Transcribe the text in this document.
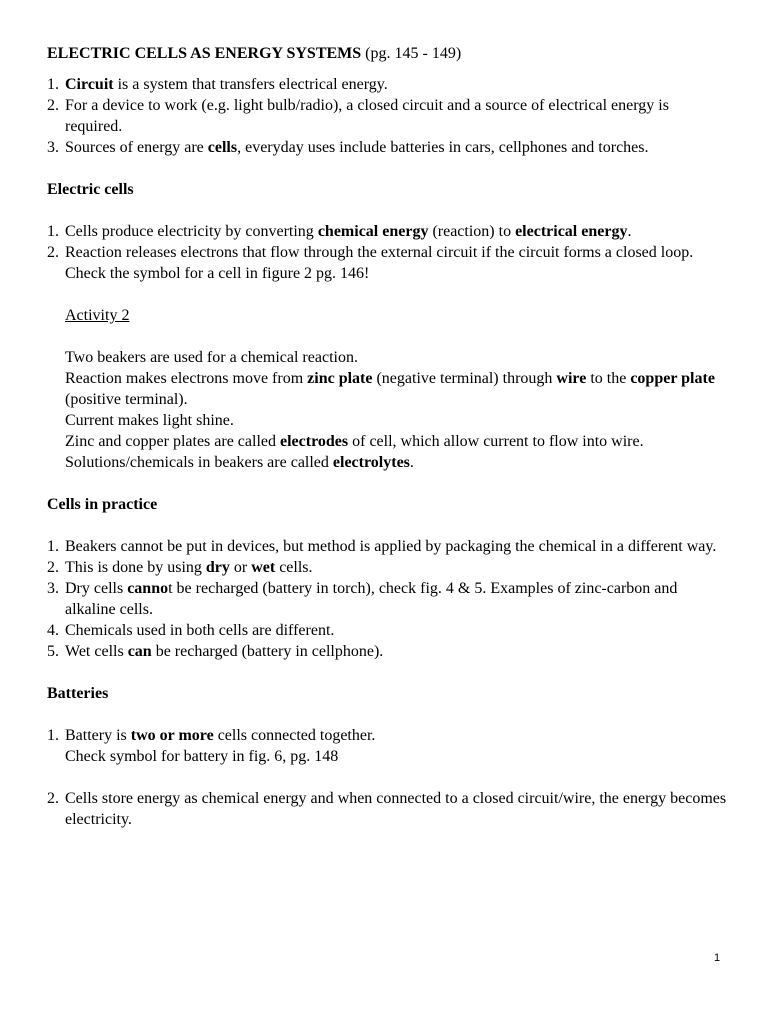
ELECTRIC CELLS AS ENERGY SYSTEMS (pg. 145 - 149)

1. Circuit is a system that transfers electrical energy.
2. For a device to work (e.g. light bulb/radio), a closed circuit and a source of electrical energy is required.
3. Sources of energy are cells, everyday uses include batteries in cars, cellphones and torches.

Electric cells

1. Cells produce electricity by converting chemical energy (reaction) to electrical energy.
2. Reaction releases electrons that flow through the external circuit if the circuit forms a closed loop.
Check the symbol for a cell in figure 2 pg. 146!
Activity 2
Two beakers are used for a chemical reaction.
Reaction makes electrons move from zinc plate (negative terminal) through wire to the copper plate (positive terminal).
Current makes light shine.
Zinc and copper plates are called electrodes of cell, which allow current to flow into wire.
Solutions/chemicals in beakers are called electrolytes.

Cells in practice

1. Beakers cannot be put in devices, but method is applied by packaging the chemical in a different way.
2. This is done by using dry or wet cells.
3. Dry cells cannot be recharged (battery in torch), check fig. 4 & 5. Examples of zinc-carbon and alkaline cells.
4. Chemicals used in both cells are different.
5. Wet cells can be recharged (battery in cellphone).

Batteries

1. Battery is two or more cells connected together.
Check symbol for battery in fig. 6, pg. 148
2. Cells store energy as chemical energy and when connected to a closed circuit/wire, the energy becomes electricity.
1
